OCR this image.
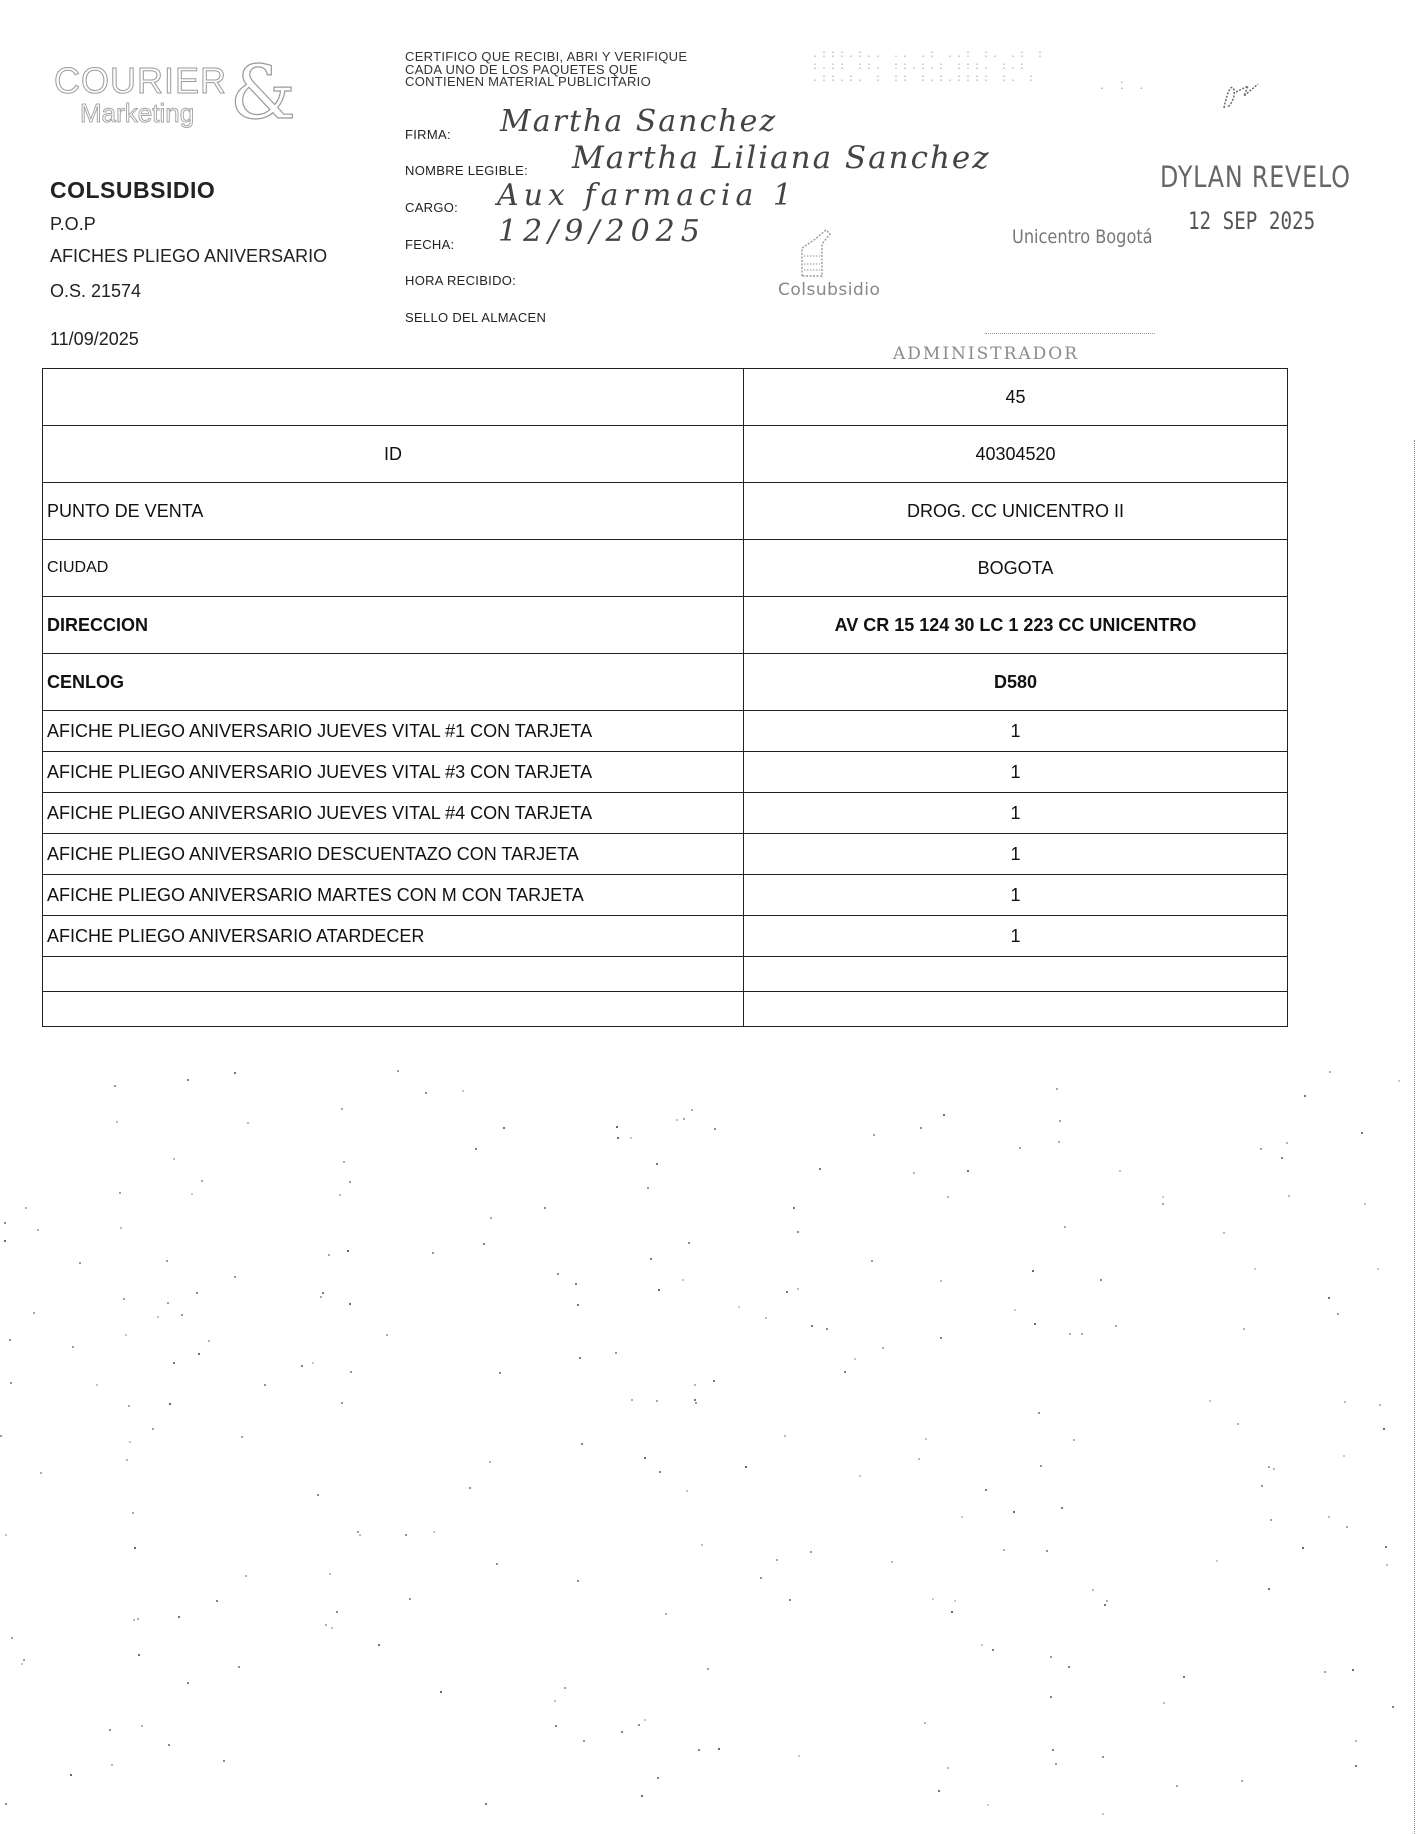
COURIER
Marketing &
COLSUBSIDIO
P.O.P
AFICHES PLIEGO ANIVERSARIO
O.S. 21574
11/09/2025
CERTIFICO QUE RECIBI, ABRI Y VERIFIQUE
CADA UNO DE LOS PAQUETES QUE
CONTIENEN MATERIAL PUBLICITARIO
FIRMA: Martha Sanchez
NOMBRE LEGIBLE: Martha Liliana Sanchez
CARGO: Aux farmacia 1
FECHA: 12/9/2025
HORA RECIBIDO:
SELLO DEL ALMACEN
.:::.:.. .. .: ..: :. .: :
:.:: ::. ::.:.: :::. :.:
.::.:. : :: :.:.:::: :. :	. : .
DYLAN REVELO
12 SEP 2025
Colsubsidio
Unicentro Bogotá
ADMINISTRADOR
	45
ID	40304520
PUNTO DE VENTA	DROG. CC UNICENTRO II
CIUDAD	BOGOTA
DIRECCION	AV CR 15 124 30 LC 1 223 CC UNICENTRO
CENLOG	D580
AFICHE PLIEGO ANIVERSARIO JUEVES VITAL #1 CON TARJETA	1
AFICHE PLIEGO ANIVERSARIO JUEVES VITAL #3 CON TARJETA	1
AFICHE PLIEGO ANIVERSARIO JUEVES VITAL #4 CON TARJETA	1
AFICHE PLIEGO ANIVERSARIO DESCUENTAZO CON TARJETA	1
AFICHE PLIEGO ANIVERSARIO MARTES CON M CON TARJETA	1
AFICHE PLIEGO ANIVERSARIO ATARDECER	1
